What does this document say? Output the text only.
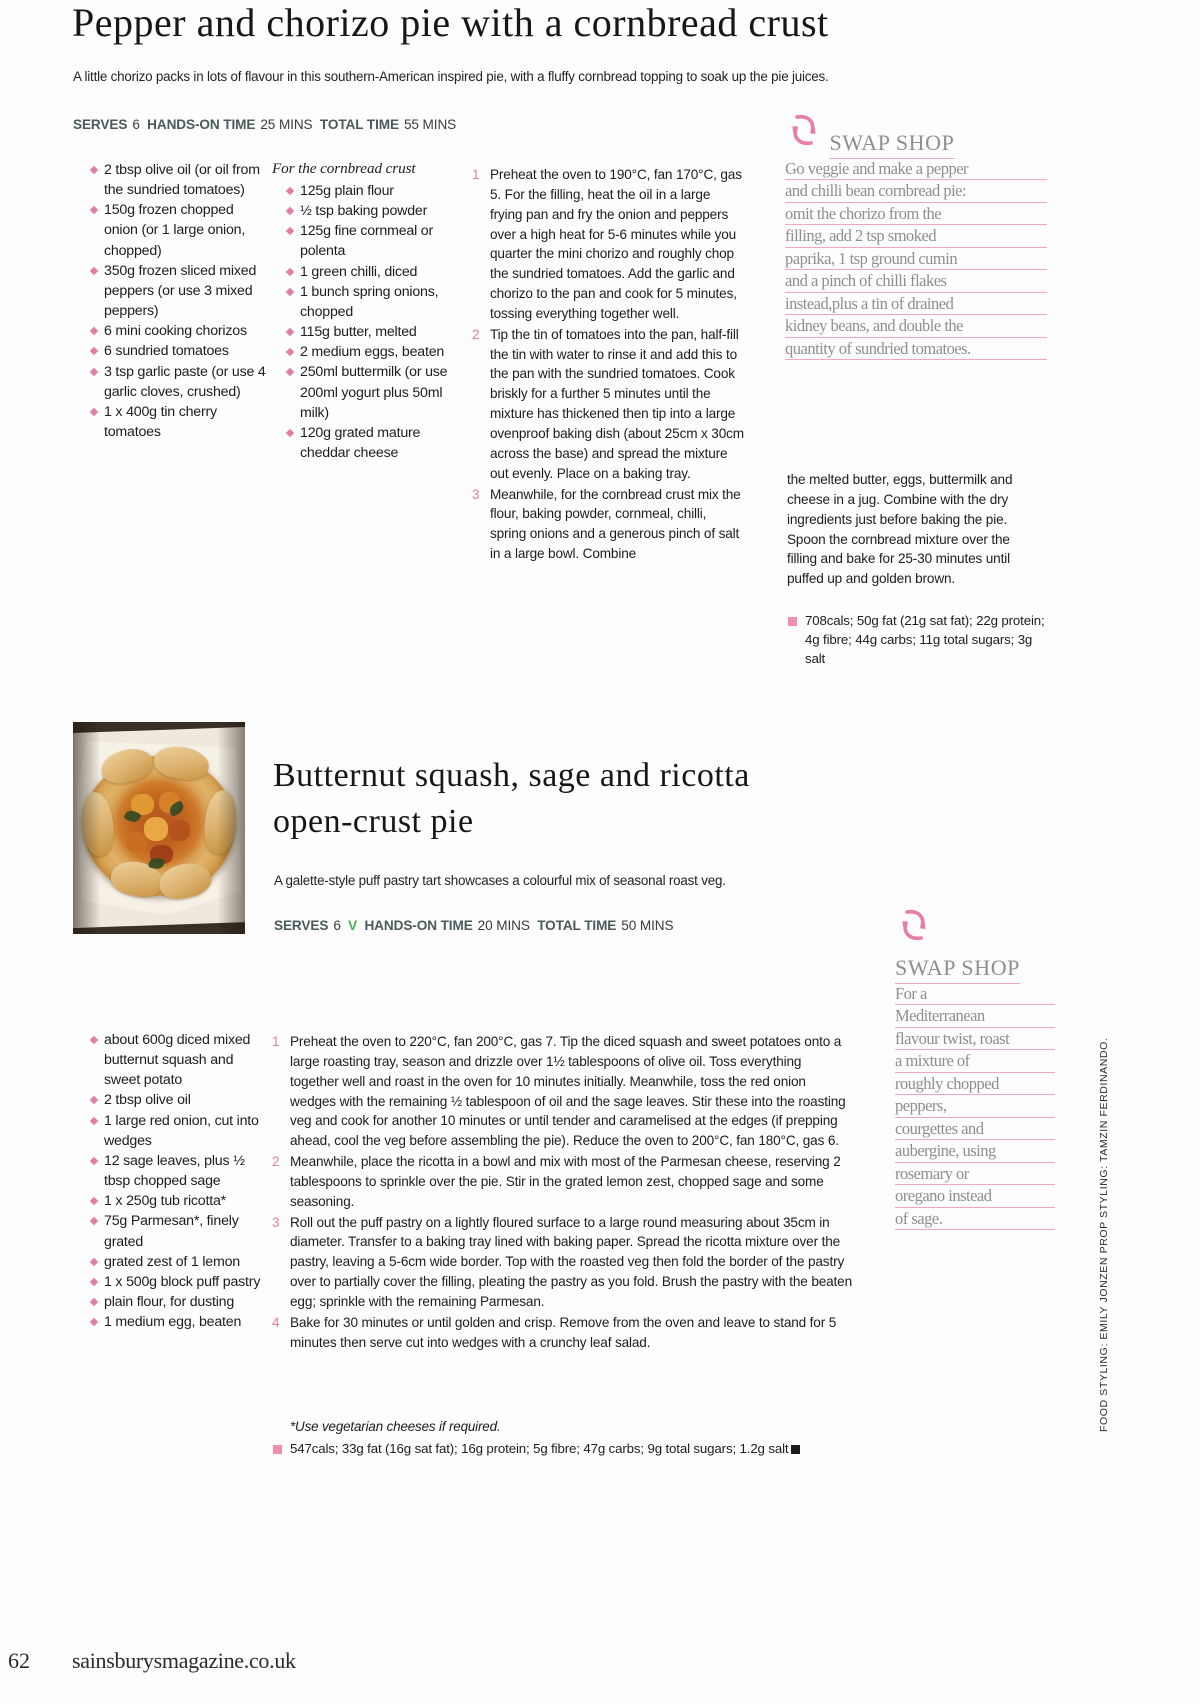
Pepper and chorizo pie with a cornbread crust

A little chorizo packs in lots of flavour in this southern-American inspired pie, with a fluffy cornbread topping to soak up the pie juices.

SERVES 6 HANDS-ON TIME 25 MINS TOTAL TIME 55 MINS
2 tbsp olive oil (or oil from the sundried tomatoes)
150g frozen chopped onion (or 1 large onion, chopped)
350g frozen sliced mixed peppers (or use 3 mixed peppers)
6 mini cooking chorizos
6 sundried tomatoes
3 tsp garlic paste (or use 4 garlic cloves, crushed)
1 x 400g tin cherry tomatoes
For the cornbread crust
125g plain flour
½ tsp baking powder
125g fine cornmeal or polenta
1 green chilli, diced
1 bunch spring onions, chopped
115g butter, melted
2 medium eggs, beaten
250ml buttermilk (or use 200ml yogurt plus 50ml milk)
120g grated mature cheddar cheese
1 Preheat the oven to 190°C, fan 170°C, gas 5. For the filling, heat the oil in a large frying pan and fry the onion and peppers over a high heat for 5-6 minutes while you quarter the mini chorizo and roughly chop the sundried tomatoes. Add the garlic and chorizo to the pan and cook for 5 minutes, tossing everything together well.
2 Tip the tin of tomatoes into the pan, half-fill the tin with water to rinse it and add this to the pan with the sundried tomatoes. Cook briskly for a further 5 minutes until the mixture has thickened then tip into a large ovenproof baking dish (about 25cm x 30cm across the base) and spread the mixture out evenly. Place on a baking tray.
3 Meanwhile, for the cornbread crust mix the flour, baking powder, cornmeal, chilli, spring onions and a generous pinch of salt in a large bowl. Combine
SWAP SHOP
Go veggie and make a pepper
and chilli bean cornbread pie:
omit the chorizo from the
filling, add 2 tsp smoked
paprika, 1 tsp ground cumin
and a pinch of chilli flakes
instead,plus a tin of drained
kidney beans, and double the
quantity of sundried tomatoes.

the melted butter, eggs, buttermilk and cheese in a jug. Combine with the dry ingredients just before baking the pie. Spoon the cornbread mixture over the filling and bake for 25-30 minutes until puffed up and golden brown.

708cals; 50g fat (21g sat fat); 22g protein; 4g fibre; 44g carbs; 11g total sugars; 3g salt
Butternut squash, sage and ricotta
open-crust pie

A galette-style puff pastry tart showcases a colourful mix of seasonal roast veg.

SERVES 6 V HANDS-ON TIME 20 MINS TOTAL TIME 50 MINS
about 600g diced mixed butternut squash and sweet potato
2 tbsp olive oil
1 large red onion, cut into wedges
12 sage leaves, plus ½ tbsp chopped sage
1 x 250g tub ricotta*
75g Parmesan*, finely grated
grated zest of 1 lemon
1 x 500g block puff pastry
plain flour, for dusting
1 medium egg, beaten
1 Preheat the oven to 220°C, fan 200°C, gas 7. Tip the diced squash and sweet potatoes onto a large roasting tray, season and drizzle over 1½ tablespoons of olive oil. Toss everything together well and roast in the oven for 10 minutes initially. Meanwhile, toss the red onion wedges with the remaining ½ tablespoon of oil and the sage leaves. Stir these into the roasting veg and cook for another 10 minutes or until tender and caramelised at the edges (if prepping ahead, cool the veg before assembling the pie). Reduce the oven to 200°C, fan 180°C, gas 6.
2 Meanwhile, place the ricotta in a bowl and mix with most of the Parmesan cheese, reserving 2 tablespoons to sprinkle over the pie. Stir in the grated lemon zest, chopped sage and some seasoning.
3 Roll out the puff pastry on a lightly floured surface to a large round measuring about 35cm in diameter. Transfer to a baking tray lined with baking paper. Spread the ricotta mixture over the pastry, leaving a 5-6cm wide border. Top with the roasted veg then fold the border of the pastry over to partially cover the filling, pleating the pastry as you fold. Brush the pastry with the beaten egg; sprinkle with the remaining Parmesan.
4 Bake for 30 minutes or until golden and crisp. Remove from the oven and leave to stand for 5 minutes then serve cut into wedges with a crunchy leaf salad.

*Use vegetarian cheeses if required.

547cals; 33g fat (16g sat fat); 16g protein; 5g fibre; 47g carbs; 9g total sugars; 1.2g salt
SWAP SHOP
For a
Mediterranean
flavour twist, roast
a mixture of
roughly chopped
peppers,
courgettes and
aubergine, using
rosemary or
oregano instead
of sage.	FOOD STYLING: EMILY JONZEN PROP STYLING: TAMZIN FERDINANDO.
62 sainsburysmagazine.co.uk
